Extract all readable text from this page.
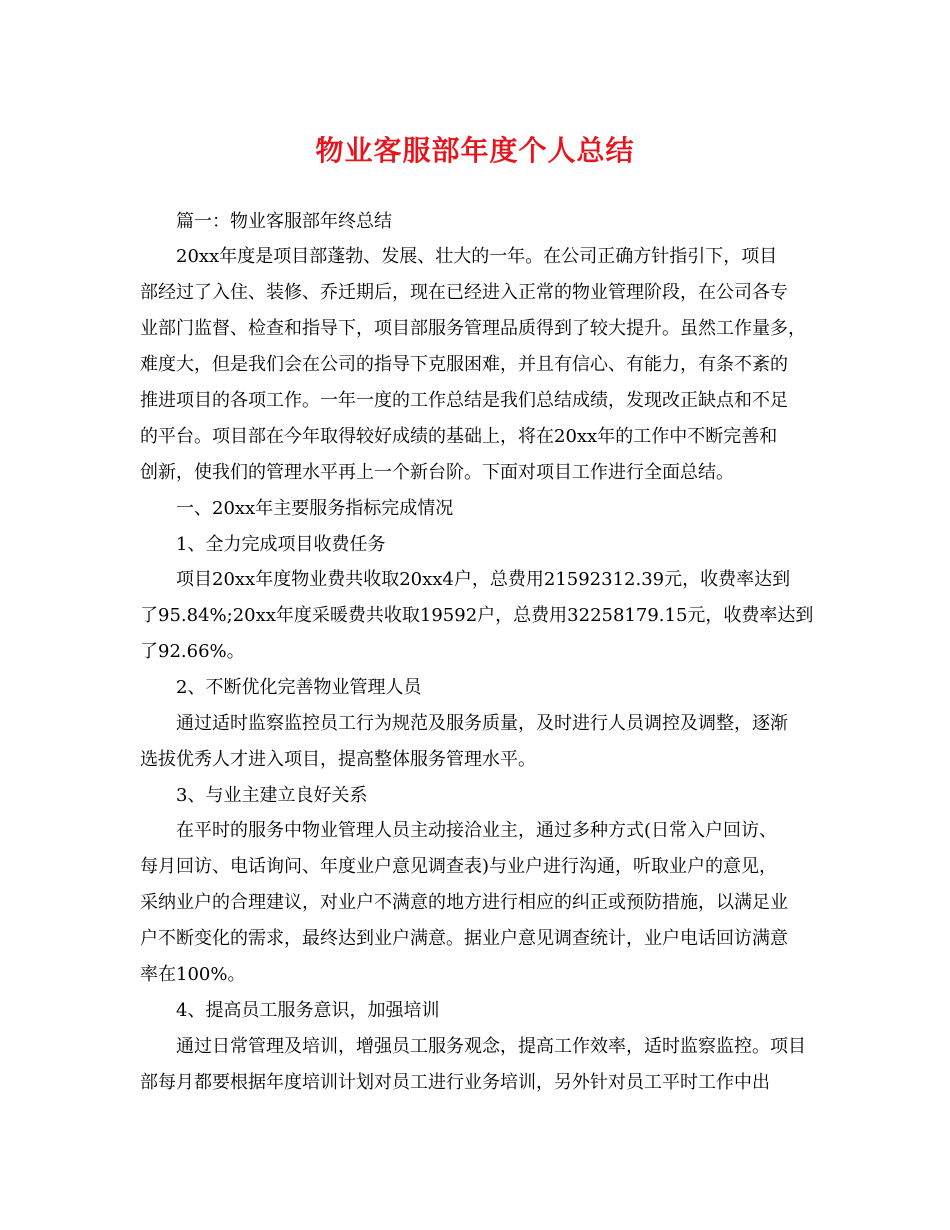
物业客服部年度个人总结
篇一：物业客服部年终总结
20xx年度是项目部蓬勃、发展、壮大的一年。在公司正确方针指引下，项目
部经过了入住、装修、乔迁期后，现在已经进入正常的物业管理阶段，在公司各专
业部门监督、检查和指导下，项目部服务管理品质得到了较大提升。虽然工作量多，
难度大，但是我们会在公司的指导下克服困难，并且有信心、有能力，有条不紊的
推进项目的各项工作。一年一度的工作总结是我们总结成绩，发现改正缺点和不足
的平台。项目部在今年取得较好成绩的基础上，将在20xx年的工作中不断完善和
创新，使我们的管理水平再上一个新台阶。下面对项目工作进行全面总结。
一、20xx年主要服务指标完成情况
1、全力完成项目收费任务
项目20xx年度物业费共收取20xx4户，总费用21592312.39元，收费率达到
了95.84%;20xx年度采暖费共收取19592户，总费用32258179.15元，收费率达到
了92.66%。
2、不断优化完善物业管理人员
通过适时监察监控员工行为规范及服务质量，及时进行人员调控及调整，逐渐
选拔优秀人才进入项目，提高整体服务管理水平。
3、与业主建立良好关系
在平时的服务中物业管理人员主动接洽业主，通过多种方式(日常入户回访、
每月回访、电话询问、年度业户意见调查表)与业户进行沟通，听取业户的意见，
采纳业户的合理建议，对业户不满意的地方进行相应的纠正或预防措施，以满足业
户不断变化的需求，最终达到业户满意。据业户意见调查统计，业户电话回访满意
率在100%。
4、提高员工服务意识，加强培训
通过日常管理及培训，增强员工服务观念，提高工作效率，适时监察监控。项目
部每月都要根据年度培训计划对员工进行业务培训，另外针对员工平时工作中出
